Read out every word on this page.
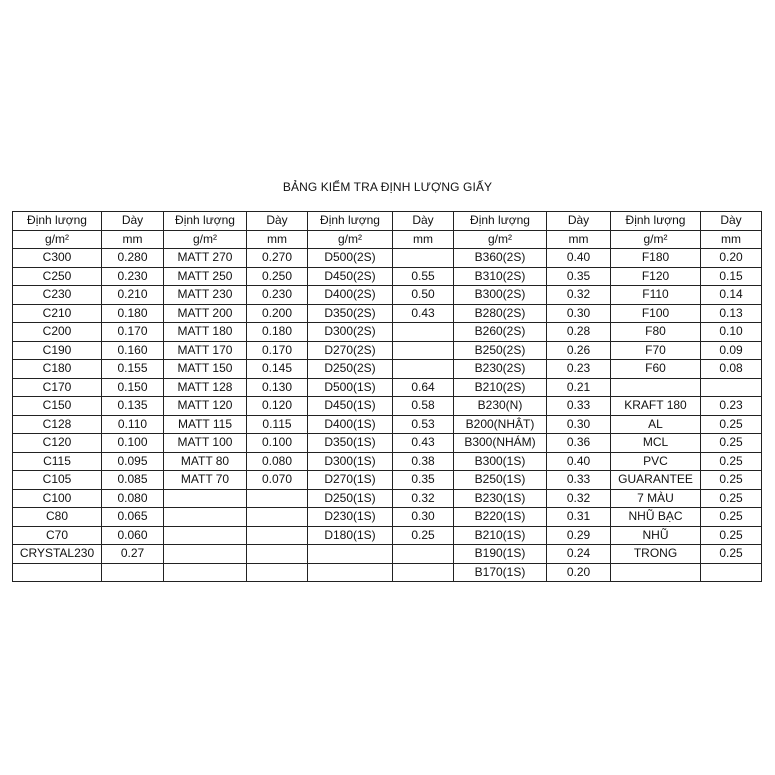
BẢNG KIỂM TRA ĐỊNH LƯỢNG GIẤY
Định lượng	Dày	Định lượng	Dày	Định lượng	Dày	Định lượng	Dày	Định lượng	Dày
g/m²	mm	g/m²	mm	g/m²	mm	g/m²	mm	g/m²	mm
C300	0.280	MATT 270	0.270	D500(2S)		B360(2S)	0.40	F180	0.20
C250	0.230	MATT 250	0.250	D450(2S)	0.55	B310(2S)	0.35	F120	0.15
C230	0.210	MATT 230	0.230	D400(2S)	0.50	B300(2S)	0.32	F110	0.14
C210	0.180	MATT 200	0.200	D350(2S)	0.43	B280(2S)	0.30	F100	0.13
C200	0.170	MATT 180	0.180	D300(2S)		B260(2S)	0.28	F80	0.10
C190	0.160	MATT 170	0.170	D270(2S)		B250(2S)	0.26	F70	0.09
C180	0.155	MATT 150	0.145	D250(2S)		B230(2S)	0.23	F60	0.08
C170	0.150	MATT 128	0.130	D500(1S)	0.64	B210(2S)	0.21		
C150	0.135	MATT 120	0.120	D450(1S)	0.58	B230(N)	0.33	KRAFT 180	0.23
C128	0.110	MATT 115	0.115	D400(1S)	0.53	B200(NHẬT)	0.30	AL	0.25
C120	0.100	MATT 100	0.100	D350(1S)	0.43	B300(NHÁM)	0.36	MCL	0.25
C115	0.095	MATT 80	0.080	D300(1S)	0.38	B300(1S)	0.40	PVC	0.25
C105	0.085	MATT 70	0.070	D270(1S)	0.35	B250(1S)	0.33	GUARANTEE	0.25
C100	0.080			D250(1S)	0.32	B230(1S)	0.32	7 MÀU	0.25
C80	0.065			D230(1S)	0.30	B220(1S)	0.31	NHŨ BẠC	0.25
C70	0.060			D180(1S)	0.25	B210(1S)	0.29	NHŨ	0.25
CRYSTAL230	0.27					B190(1S)	0.24	TRONG	0.25
						B170(1S)	0.20		
